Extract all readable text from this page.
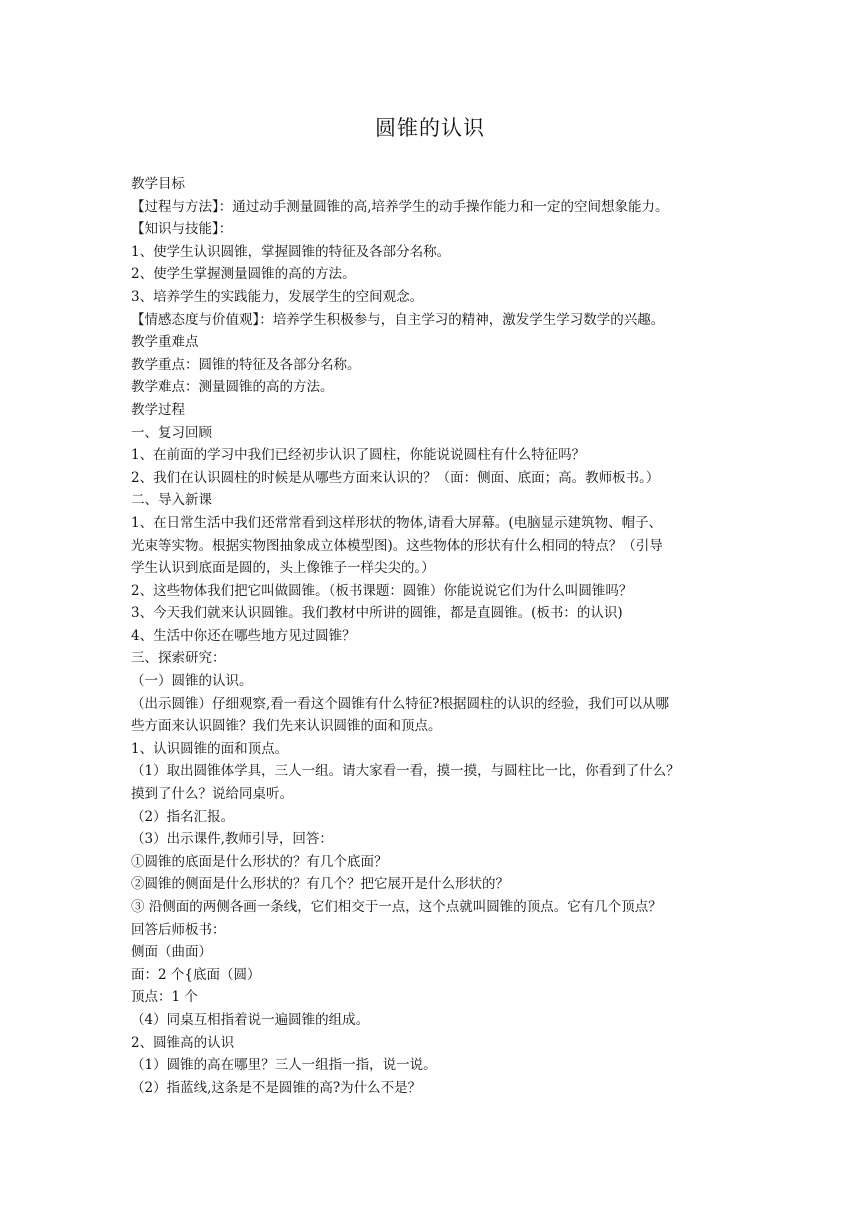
圆锥的认识
教学目标
【过程与方法】：通过动手测量圆锥的高,培养学生的动手操作能力和一定的空间想象能力。
【知识与技能】：
1、使学生认识圆锥，掌握圆锥的特征及各部分名称。
2、使学生掌握测量圆锥的高的方法。
3、培养学生的实践能力，发展学生的空间观念。
【情感态度与价值观】：培养学生积极参与，自主学习的精神，激发学生学习数学的兴趣。
教学重难点
教学重点：圆锥的特征及各部分名称。
教学难点：测量圆锥的高的方法。
教学过程
一、复习回顾
1、在前面的学习中我们已经初步认识了圆柱，你能说说圆柱有什么特征吗？
2、我们在认识圆柱的时候是从哪些方面来认识的？（面：侧面、底面；高。教师板书。）
二、导入新课
1、在日常生活中我们还常常看到这样形状的物体,请看大屏幕。(电脑显示建筑物、帽子、
光束等实物。根据实物图抽象成立体模型图)。这些物体的形状有什么相同的特点？（引导
学生认识到底面是圆的，头上像锥子一样尖尖的。）
2、这些物体我们把它叫做圆锥。（板书课题：圆锥）你能说说它们为什么叫圆锥吗？
3、今天我们就来认识圆锥。我们教材中所讲的圆锥，都是直圆锥。(板书：的认识)
4、生活中你还在哪些地方见过圆锥？
三、探索研究：
（一）圆锥的认识。
（出示圆锥）仔细观察,看一看这个圆锥有什么特征?根据圆柱的认识的经验，我们可以从哪
些方面来认识圆锥？我们先来认识圆锥的面和顶点。
1、认识圆锥的面和顶点。
（1）取出圆锥体学具，三人一组。请大家看一看，摸一摸，与圆柱比一比，你看到了什么？
摸到了什么？说给同桌听。
（2）指名汇报。
（3）出示课件,教师引导，回答：
①圆锥的底面是什么形状的？有几个底面？
②圆锥的侧面是什么形状的？有几个？把它展开是什么形状的？
③ 沿侧面的两侧各画一条线，它们相交于一点，这个点就叫圆锥的顶点。它有几个顶点？
回答后师板书：
侧面（曲面）
面：2 个{底面（圆）
顶点：1 个
（4）同桌互相指着说一遍圆锥的组成。
2、圆锥高的认识
（1）圆锥的高在哪里？三人一组指一指，说一说。
（2）指蓝线,这条是不是圆锥的高?为什么不是？
